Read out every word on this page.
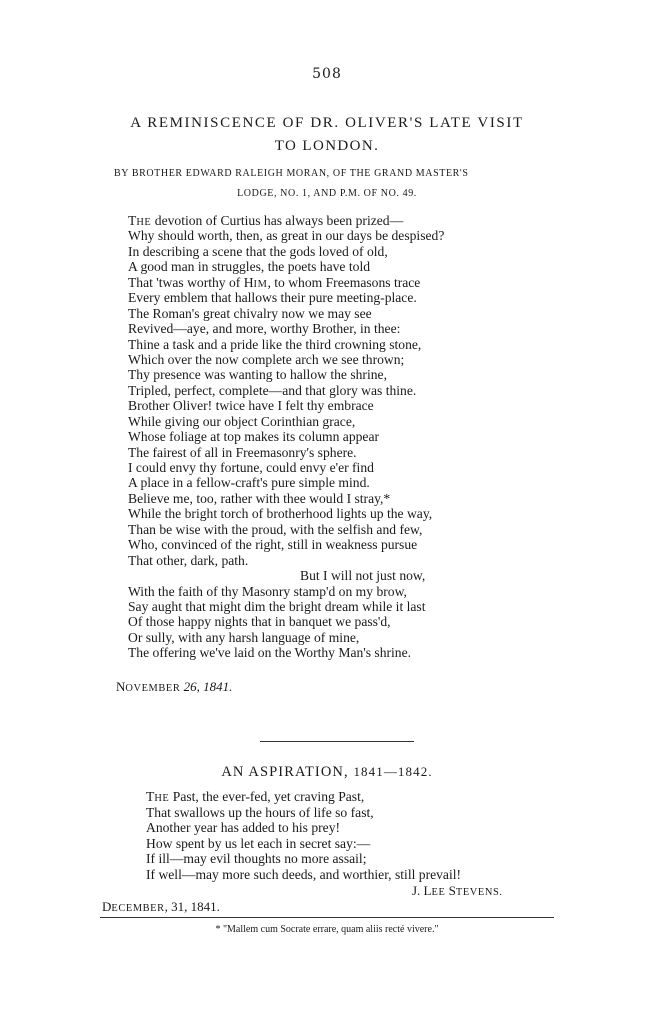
508
A REMINISCENCE OF DR. OLIVER'S LATE VISIT
TO LONDON.
BY BROTHER EDWARD RALEIGH MORAN, OF THE GRAND MASTER'S
LODGE, NO. 1, AND P.M. OF NO. 49.
THE devotion of Curtius has always been prized—
Why should worth, then, as great in our days be despised?
In describing a scene that the gods loved of old,
A good man in struggles, the poets have told
That 'twas worthy of HIM, to whom Freemasons trace
Every emblem that hallows their pure meeting-place.
The Roman's great chivalry now we may see
Revived—aye, and more, worthy Brother, in thee:
Thine a task and a pride like the third crowning stone,
Which over the now complete arch we see thrown;
Thy presence was wanting to hallow the shrine,
Tripled, perfect, complete—and that glory was thine.
Brother Oliver! twice have I felt thy embrace
While giving our object Corinthian grace,
Whose foliage at top makes its column appear
The fairest of all in Freemasonry's sphere.
I could envy thy fortune, could envy e'er find
A place in a fellow-craft's pure simple mind.
Believe me, too, rather with thee would I stray,*
While the bright torch of brotherhood lights up the way,
Than be wise with the proud, with the selfish and few,
Who, convinced of the right, still in weakness pursue
That other, dark, path.
But I will not just now,
With the faith of thy Masonry stamp'd on my brow,
Say aught that might dim the bright dream while it last
Of those happy nights that in banquet we pass'd,
Or sully, with any harsh language of mine,
The offering we've laid on the Worthy Man's shrine.
NOVEMBER 26, 1841.
AN ASPIRATION, 1841—1842.
THE Past, the ever-fed, yet craving Past,
That swallows up the hours of life so fast,
Another year has added to his prey!
How spent by us let each in secret say:—
If ill—may evil thoughts no more assail;
If well—may more such deeds, and worthier, still prevail!
J. LEE STEVENS.
DECEMBER, 31, 1841.
* "Mallem cum Socrate errare, quam aliis recté vivere."
